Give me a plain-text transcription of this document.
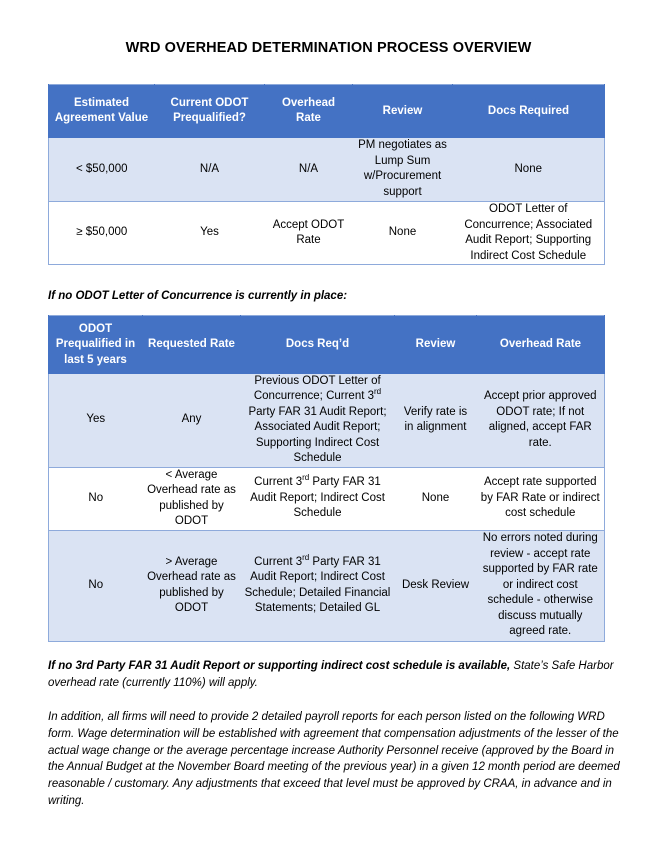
WRD OVERHEAD DETERMINATION PROCESS OVERVIEW
Estimated Agreement Value	Current ODOT Prequalified?	Overhead Rate	Review	Docs Required
< $50,000	N/A	N/A	PM negotiates as Lump Sum w/Procurement support	None
≥ $50,000	Yes	Accept ODOT Rate	None	ODOT Letter of Concurrence; Associated Audit Report; Supporting Indirect Cost Schedule
If no ODOT Letter of Concurrence is currently in place:
ODOT Prequalified in last 5 years	Requested Rate	Docs Req’d	Review	Overhead Rate
Yes	Any	Previous ODOT Letter of Concurrence; Current 3rd Party FAR 31 Audit Report; Associated Audit Report; Supporting Indirect Cost Schedule	Verify rate is in alignment	Accept prior approved ODOT rate; If not aligned, accept FAR rate.
No	< Average Overhead rate as published by ODOT	Current 3rd Party FAR 31 Audit Report; Indirect Cost Schedule	None	Accept rate supported by FAR Rate or indirect cost schedule
No	> Average Overhead rate as published by ODOT	Current 3rd Party FAR 31 Audit Report; Indirect Cost Schedule; Detailed Financial Statements; Detailed GL	Desk Review	No errors noted during review - accept rate supported by FAR rate or indirect cost schedule - otherwise discuss mutually agreed rate.
If no 3rd Party FAR 31 Audit Report or supporting indirect cost schedule is available, State’s Safe Harbor overhead rate (currently 110%) will apply.
In addition, all firms will need to provide 2 detailed payroll reports for each person listed on the following WRD form. Wage determination will be established with agreement that compensation adjustments of the lesser of the actual wage change or the average percentage increase Authority Personnel receive (approved by the Board in the Annual Budget at the November Board meeting of the previous year) in a given 12 month period are deemed reasonable / customary. Any adjustments that exceed that level must be approved by CRAA, in advance and in writing.
